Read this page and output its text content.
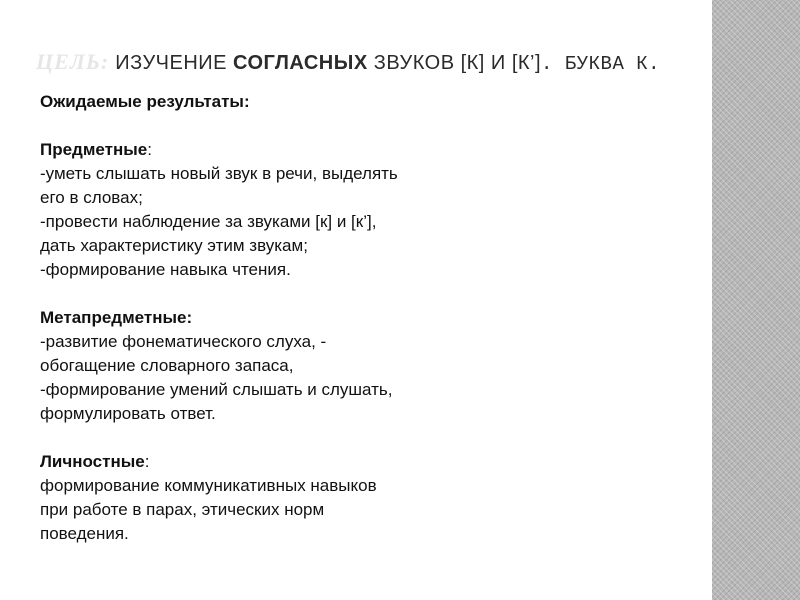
ЦЕЛЬ: ИЗУЧЕНИЕ СОГЛАСНЫХ ЗВУКОВ [К] И [К’]. БУКВА К.
Ожидаемые результаты:
Предметные:
-уметь слышать новый звук в речи, выделять
его в словах;
-провести наблюдение за звуками [к] и [к’],
дать характеристику этим звукам;
-формирование навыка чтения.
Метапредметные:
-развитие фонематического слуха, -
обогащение словарного запаса,
-формирование умений слышать и слушать,
формулировать ответ.
Личностные:
формирование коммуникативных навыков
при работе в парах, этических норм
поведения.
